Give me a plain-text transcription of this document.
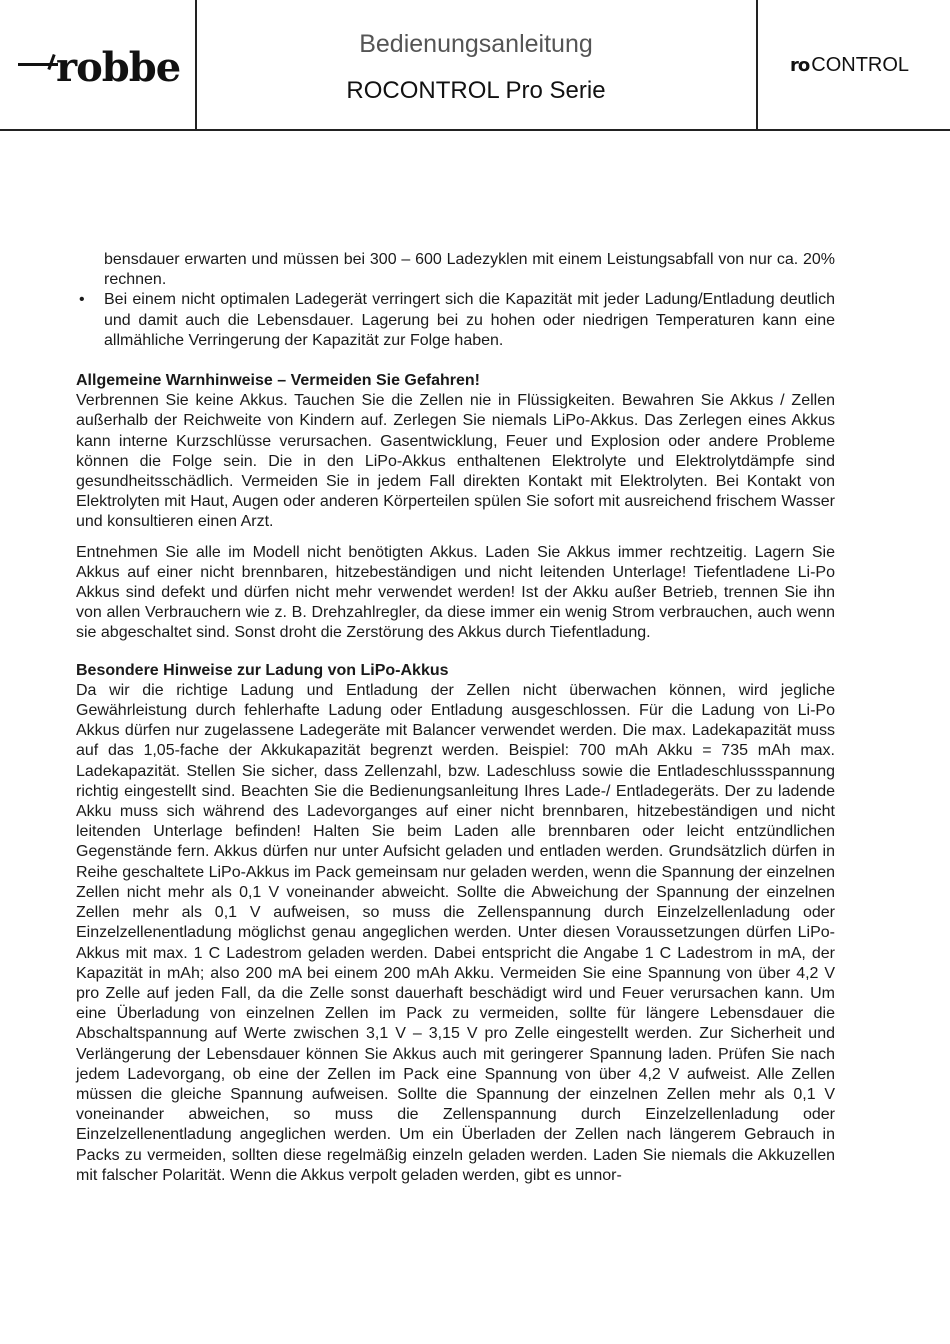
robbe	Bedienungsanleitung
ROCONTROL Pro Serie
ro CONTROL

bensdauer erwarten und müssen bei 300 – 600 Ladezyklen mit einem Leistungsabfall von nur ca. 20% rechnen.

• Bei einem nicht optimalen Ladegerät verringert sich die Kapazität mit jeder Ladung/Entladung deutlich und damit auch die Lebensdauer. Lagerung bei zu hohen oder niedrigen Temperaturen kann eine allmähliche Verringerung der Kapazität zur Folge haben.
Allgemeine Warnhinweise – Vermeiden Sie Gefahren!

Verbrennen Sie keine Akkus. Tauchen Sie die Zellen nie in Flüssigkeiten. Bewahren Sie Akkus / Zellen außerhalb der Reichweite von Kindern auf. Zerlegen Sie niemals LiPo-Akkus. Das Zerlegen eines Akkus kann interne Kurzschlüsse verursachen. Gasentwicklung, Feuer und Explosion oder andere Probleme können die Folge sein. Die in den LiPo-Akkus enthaltenen Elektrolyte und Elektrolytdämpfe sind gesundheitsschädlich. Vermeiden Sie in jedem Fall direkten Kontakt mit Elektrolyten. Bei Kontakt von Elektrolyten mit Haut, Augen oder anderen Körperteilen spülen Sie sofort mit ausreichend frischem Wasser und konsultieren einen Arzt.

Entnehmen Sie alle im Modell nicht benötigten Akkus. Laden Sie Akkus immer rechtzeitig. Lagern Sie Akkus auf einer nicht brennbaren, hitzebeständigen und nicht leitenden Unterlage! Tiefentladene Li-Po Akkus sind defekt und dürfen nicht mehr verwendet werden! Ist der Akku außer Betrieb, trennen Sie ihn von allen Verbrauchern wie z. B. Drehzahlregler, da diese immer ein wenig Strom verbrauchen, auch wenn sie abgeschaltet sind. Sonst droht die Zerstörung des Akkus durch Tiefentladung.

Besondere Hinweise zur Ladung von LiPo-Akkus

Da wir die richtige Ladung und Entladung der Zellen nicht überwachen können, wird jegliche Gewährleistung durch fehlerhafte Ladung oder Entladung ausgeschlossen. Für die Ladung von Li-Po Akkus dürfen nur zugelassene Ladegeräte mit Balancer verwendet werden. Die max. Ladekapazität muss auf das 1,05-fache der Akkukapazität begrenzt werden. Beispiel: 700 mAh Akku = 735 mAh max. Ladekapazität. Stellen Sie sicher, dass Zellenzahl, bzw. Ladeschluss sowie die Entladeschlussspannung richtig eingestellt sind. Beachten Sie die Bedienungsanleitung Ihres Lade-/ Entladegeräts. Der zu ladende Akku muss sich während des Ladevorganges auf einer nicht brennbaren, hitzebeständigen und nicht leitenden Unterlage befinden! Halten Sie beim Laden alle brennbaren oder leicht entzündlichen Gegenstände fern. Akkus dürfen nur unter Aufsicht geladen und entladen werden. Grundsätzlich dürfen in Reihe geschaltete LiPo-Akkus im Pack gemeinsam nur geladen werden, wenn die Spannung der einzelnen Zellen nicht mehr als 0,1 V voneinander abweicht. Sollte die Abweichung der Spannung der einzelnen Zellen mehr als 0,1 V aufweisen, so muss die Zellenspannung durch Einzelzellenladung oder Einzelzellenentladung möglichst genau angeglichen werden. Unter diesen Voraussetzungen dürfen LiPo-Akkus mit max. 1 C Ladestrom geladen werden. Dabei entspricht die Angabe 1 C Ladestrom in mA, der Kapazität in mAh; also 200 mA bei einem 200 mAh Akku. Vermeiden Sie eine Spannung von über 4,2 V pro Zelle auf jeden Fall, da die Zelle sonst dauerhaft beschädigt wird und Feuer verursachen kann. Um eine Überladung von einzelnen Zellen im Pack zu vermeiden, sollte für längere Lebensdauer die Abschaltspannung auf Werte zwischen 3,1 V – 3,15 V pro Zelle eingestellt werden. Zur Sicherheit und Verlängerung der Lebensdauer können Sie Akkus auch mit geringerer Spannung laden. Prüfen Sie nach jedem Ladevorgang, ob eine der Zellen im Pack eine Spannung von über 4,2 V aufweist. Alle Zellen müssen die gleiche Spannung aufweisen. Sollte die Spannung der einzelnen Zellen mehr als 0,1 V voneinander abweichen, so muss die Zellenspannung durch Einzelzellenladung oder Einzelzellenentladung angeglichen werden. Um ein Überladen der Zellen nach längerem Gebrauch in Packs zu vermeiden, sollten diese regelmäßig einzeln geladen werden. Laden Sie niemals die Akkuzellen mit falscher Polarität. Wenn die Akkus verpolt geladen werden, gibt es unnor-
